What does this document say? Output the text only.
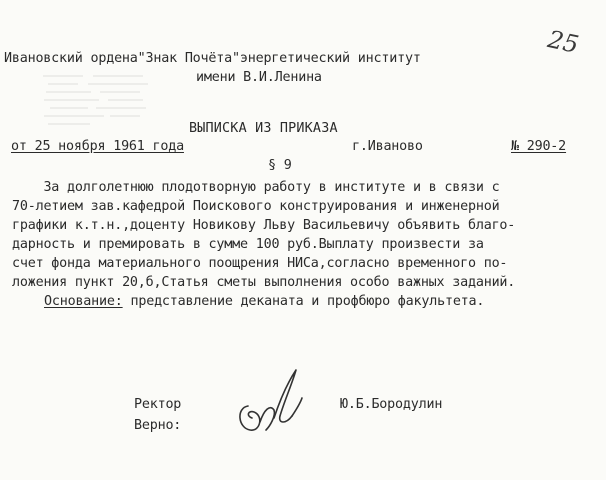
25
Ивановский ордена"Знак Почёта"энергетический институт
имени В.И.Ленина
ВЫПИСКА ИЗ ПРИКАЗА
от 25 ноября 1961 года	г.Иваново	№ 290-2
§ 9
За долголетнюю плодотворную работу в институте и в связи с
70-летием зав.кафедрой Поискового конструирования и инженерной
графики к.т.н.,доценту Новикову Льву Васильевичу объявить благо-
дарность и премировать в сумме 100 руб.Выплату произвести за
счет фонда материального поощрения НИСа,согласно временного по-
ложения пункт 20,б,Статья сметы выполнения особо важных заданий.
Основание: представление деканата и профбюро факультета.
Ректор	Ю.Б.Бородулин
Верно:
